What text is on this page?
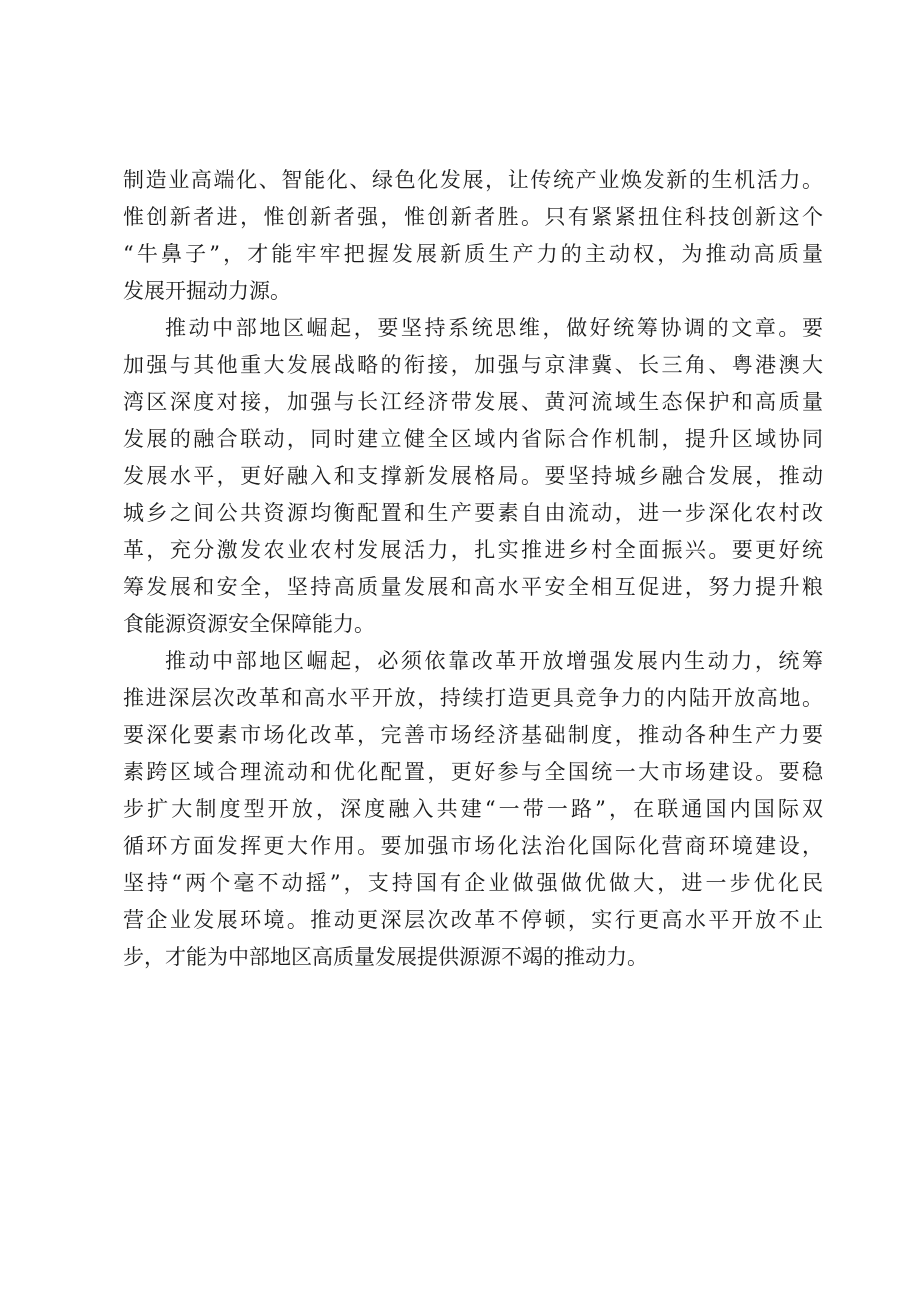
制造业高端化、智能化、绿色化发展，让传统产业焕发新的生机活力。
惟创新者进，惟创新者强，惟创新者胜。只有紧紧扭住科技创新这个
“牛鼻子”，才能牢牢把握发展新质生产力的主动权，为推动高质量
发展开掘动力源。
推动中部地区崛起，要坚持系统思维，做好统筹协调的文章。要
加强与其他重大发展战略的衔接，加强与京津冀、长三角、粤港澳大
湾区深度对接，加强与长江经济带发展、黄河流域生态保护和高质量
发展的融合联动，同时建立健全区域内省际合作机制，提升区域协同
发展水平，更好融入和支撑新发展格局。要坚持城乡融合发展，推动
城乡之间公共资源均衡配置和生产要素自由流动，进一步深化农村改
革，充分激发农业农村发展活力，扎实推进乡村全面振兴。要更好统
筹发展和安全，坚持高质量发展和高水平安全相互促进，努力提升粮
食能源资源安全保障能力。
推动中部地区崛起，必须依靠改革开放增强发展内生动力，统筹
推进深层次改革和高水平开放，持续打造更具竞争力的内陆开放高地。
要深化要素市场化改革，完善市场经济基础制度，推动各种生产力要
素跨区域合理流动和优化配置，更好参与全国统一大市场建设。要稳
步扩大制度型开放，深度融入共建“一带一路”，在联通国内国际双
循环方面发挥更大作用。要加强市场化法治化国际化营商环境建设，
坚持“两个毫不动摇”，支持国有企业做强做优做大，进一步优化民
营企业发展环境。推动更深层次改革不停顿，实行更高水平开放不止
步，才能为中部地区高质量发展提供源源不竭的推动力。
